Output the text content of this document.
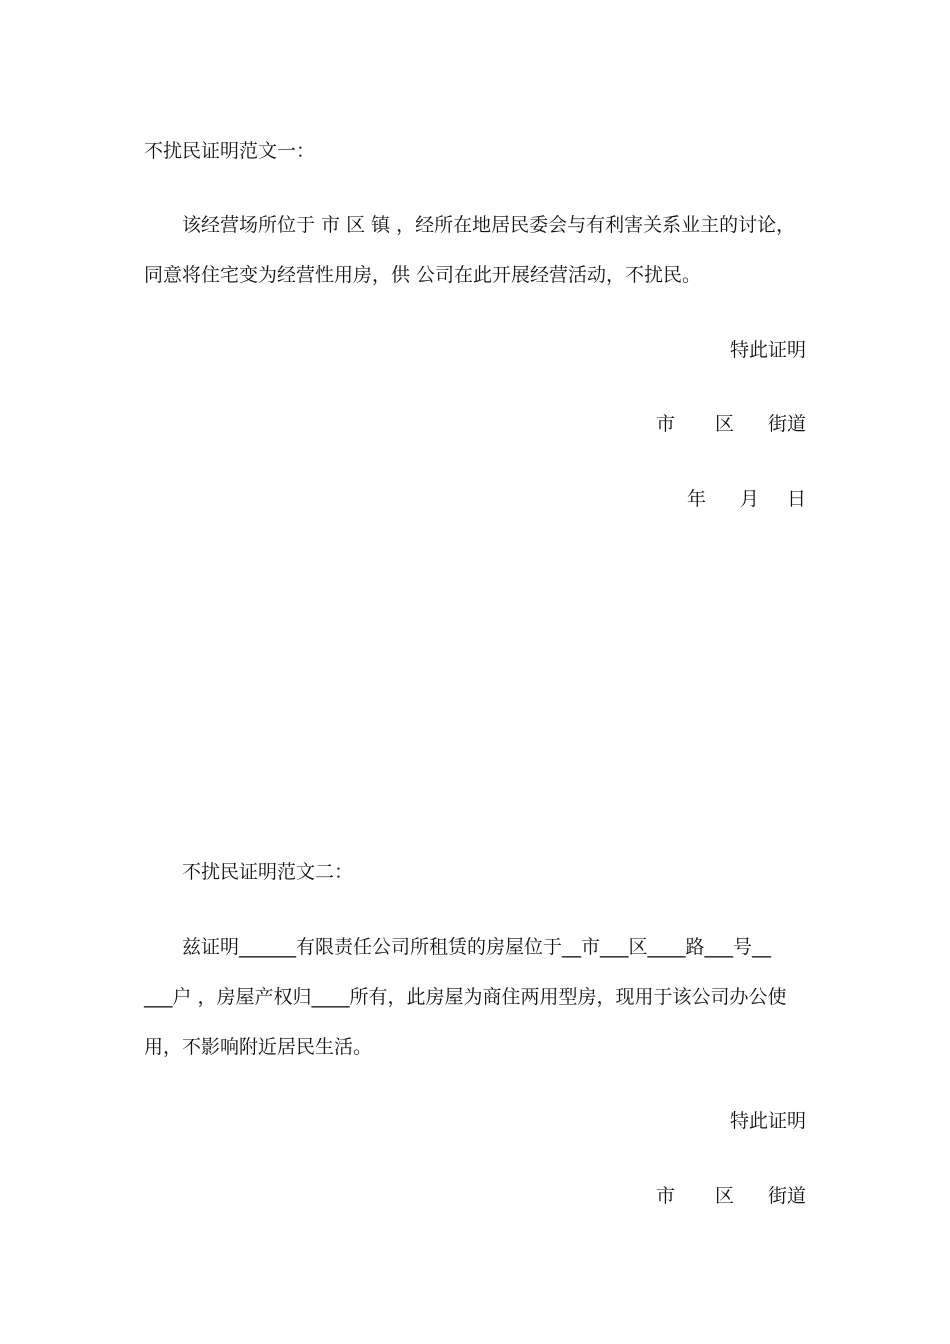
不扰民证明范文一：
该经营场所位于 市 区 镇 ，经所在地居民委会与有利害关系业主的讨论，
同意将住宅变为经营性用房，供 公司在此开展经营活动，不扰民。
特此证明
市 区 街道
年 月 日
不扰民证明范文二：
兹证明______有限责任公司所租赁的房屋位于__市___区____路___号__
___户 ，房屋产权归____所有，此房屋为商住两用型房，现用于该公司办公使
用，不影响附近居民生活。
特此证明
市 区 街道
